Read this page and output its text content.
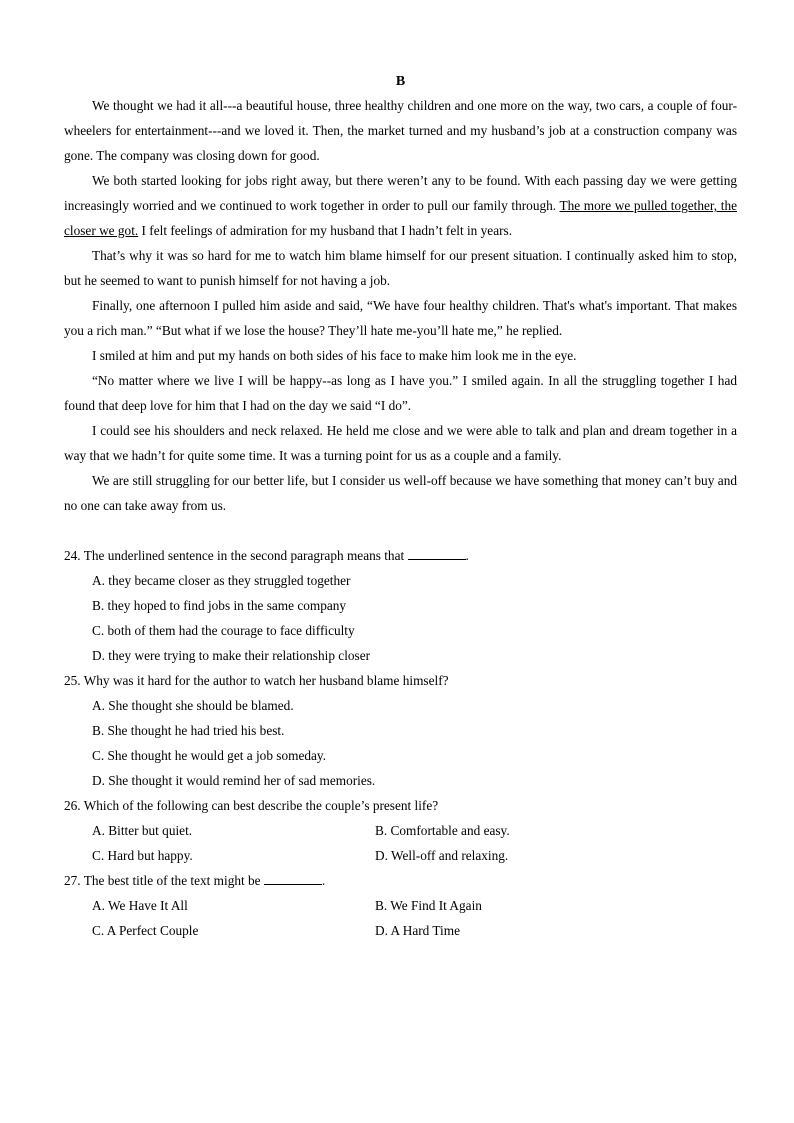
B

We thought we had it all---a beautiful house, three healthy children and one more on the way, two cars, a couple of four-wheelers for entertainment---and we loved it. Then, the market turned and my husband’s job at a construction company was gone. The company was closing down for good.

We both started looking for jobs right away, but there weren’t any to be found. With each passing day we were getting increasingly worried and we continued to work together in order to pull our family through. The more we pulled together, the closer we got. I felt feelings of admiration for my husband that I hadn’t felt in years.

That’s why it was so hard for me to watch him blame himself for our present situation. I continually asked him to stop, but he seemed to want to punish himself for not having a job.

Finally, one afternoon I pulled him aside and said, “We have four healthy children. That's what's important. That makes you a rich man.” “But what if we lose the house? They’ll hate me-you’ll hate me,” he replied.

I smiled at him and put my hands on both sides of his face to make him look me in the eye.

“No matter where we live I will be happy--as long as I have you.” I smiled again. In all the struggling together I had found that deep love for him that I had on the day we said “I do”.

I could see his shoulders and neck relaxed. He held me close and we were able to talk and plan and dream together in a way that we hadn’t for quite some time. It was a turning point for us as a couple and a family.

We are still struggling for our better life, but I consider us well-off because we have something that money can’t buy and no one can take away from us.

24. The underlined sentence in the second paragraph means that	.

A. they became closer as they struggled together

B. they hoped to find jobs in the same company

C. both of them had the courage to face difficulty

D. they were trying to make their relationship closer

25. Why was it hard for the author to watch her husband blame himself?

A. She thought she should be blamed.

B. She thought he had tried his best.

C. She thought he would get a job someday.

D. She thought it would remind her of sad memories.

26. Which of the following can best describe the couple’s present life?

A. Bitter but quiet.	B. Comfortable and easy.
C. Hard but happy.	D. Well-off and relaxing.

27. The best title of the text might be	.

A. We Have It All	B. We Find It Again
C. A Perfect Couple	D. A Hard Time
